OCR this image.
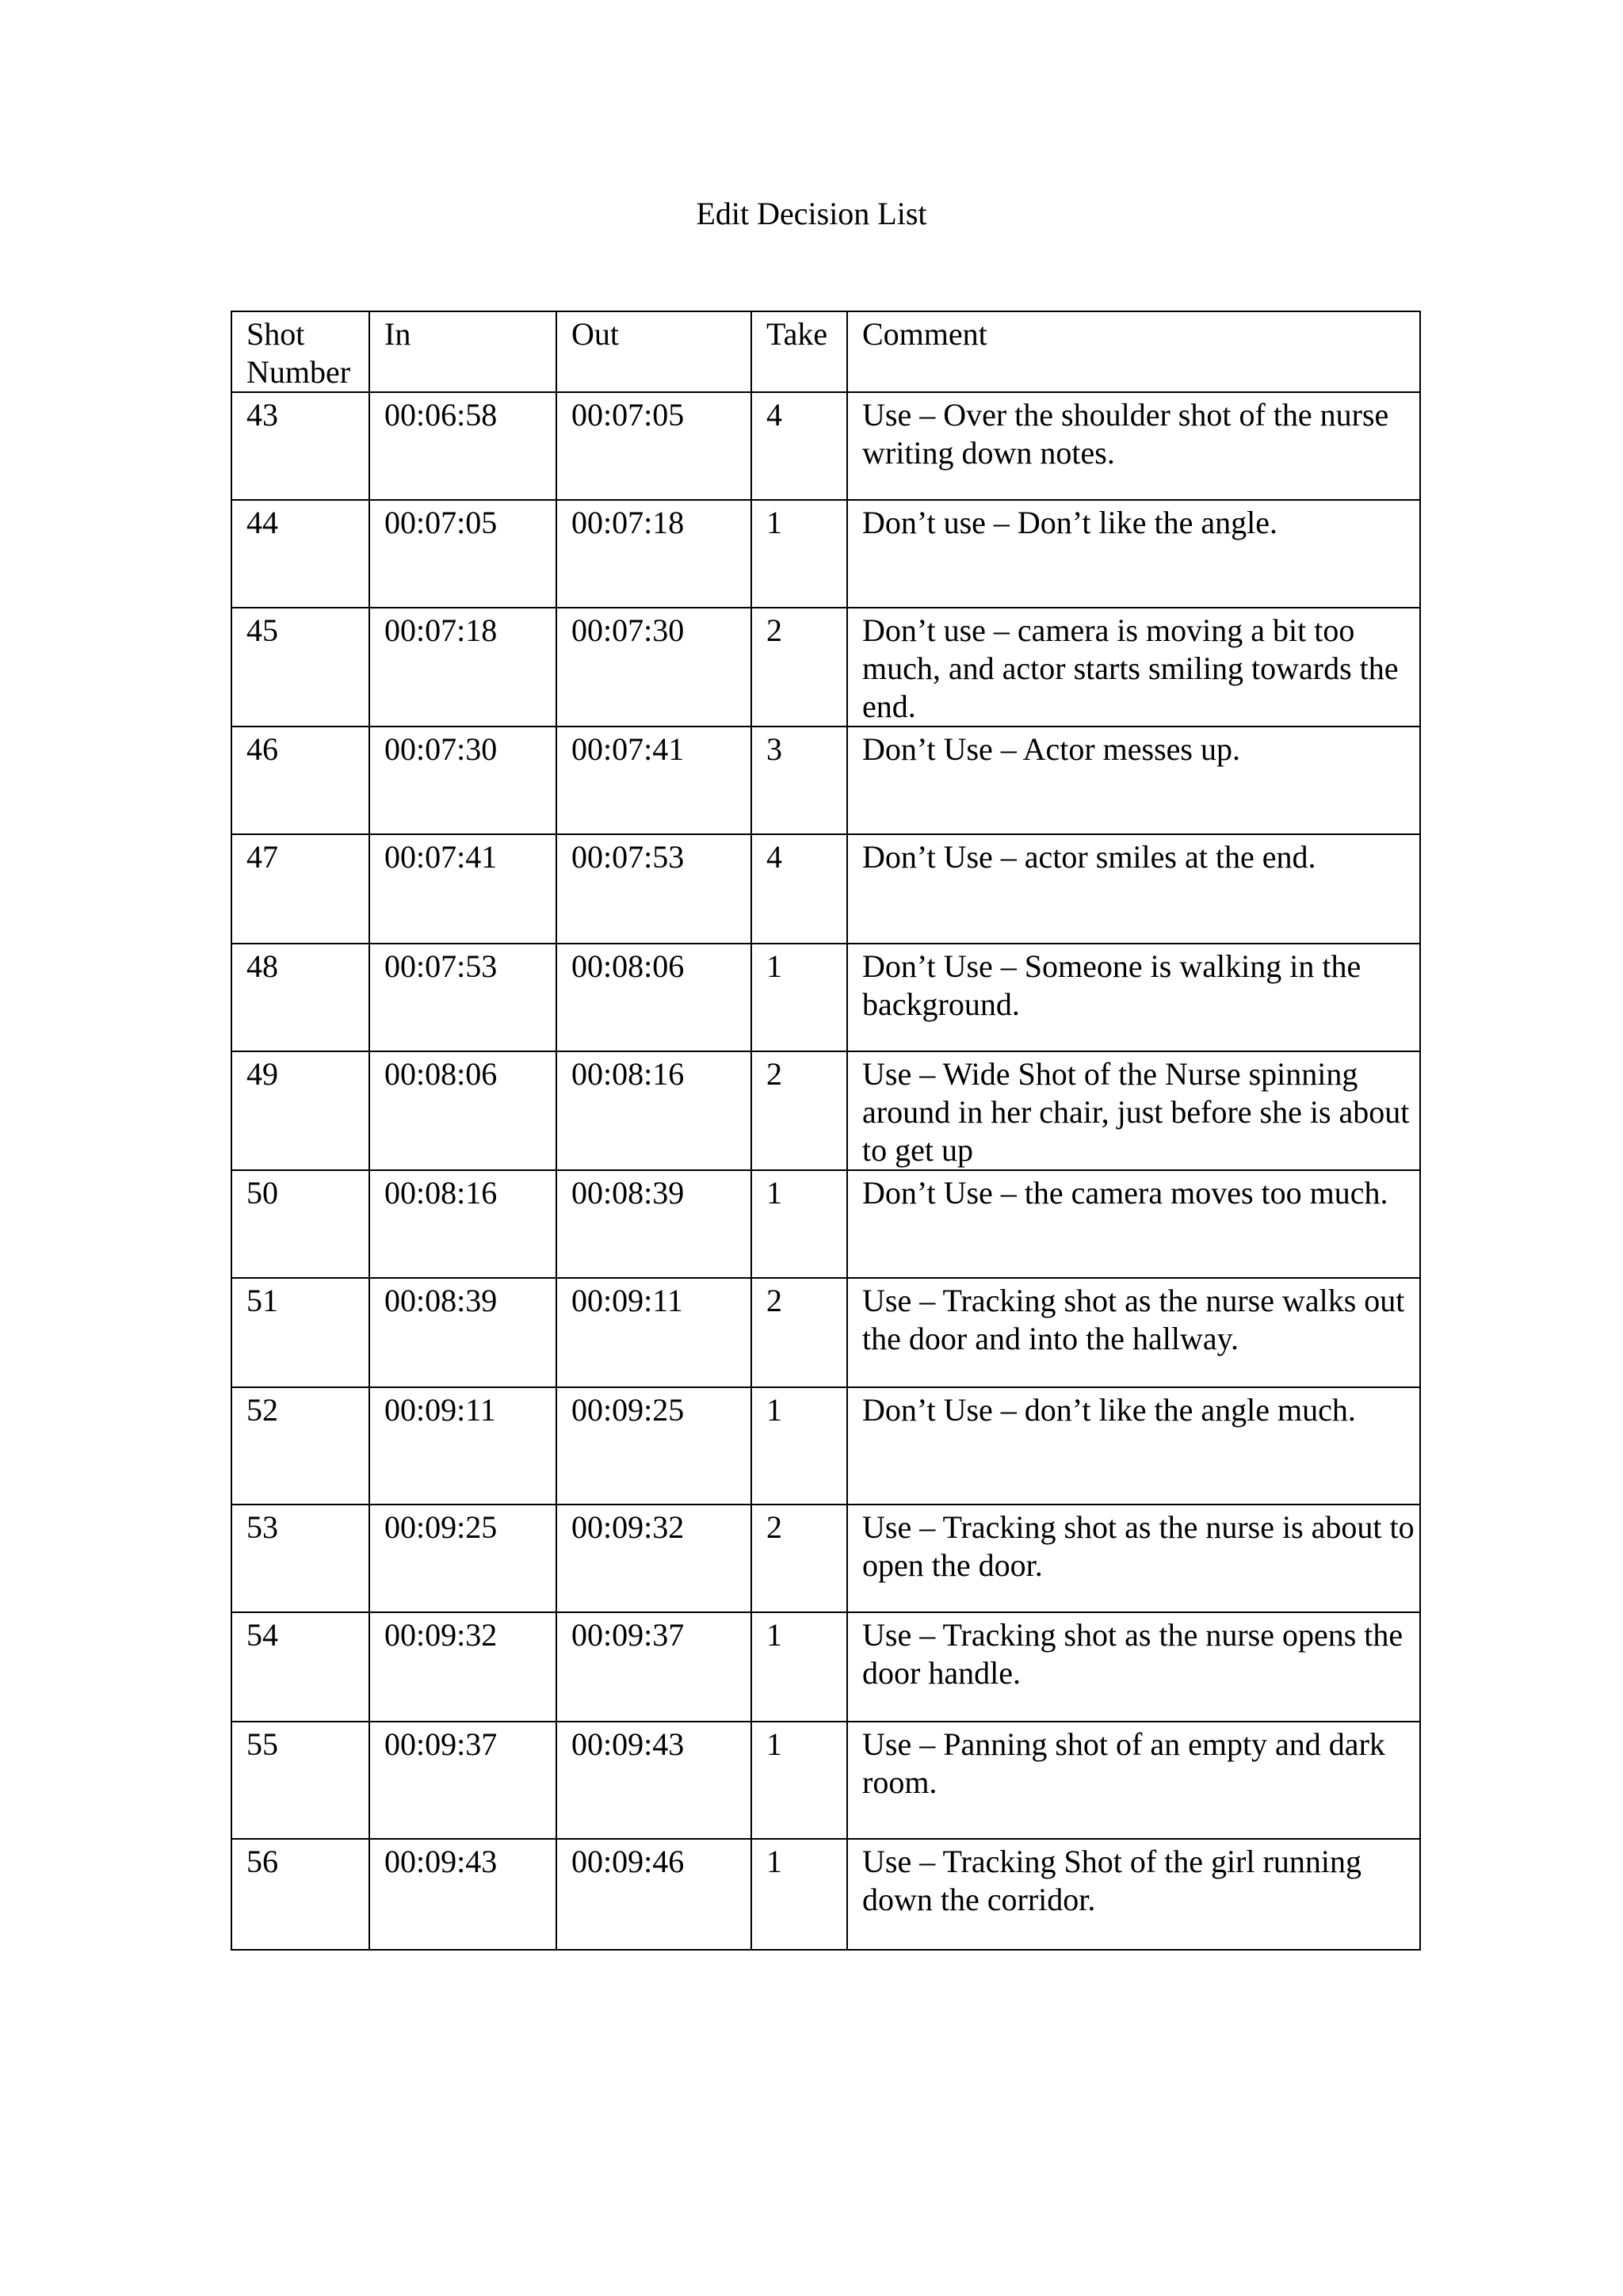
Edit Decision List
Shot Number	In	Out	Take	Comment
43	00:06:58	00:07:05	4	Use – Over the shoulder shot of the nurse writing down notes.
44	00:07:05	00:07:18	1	Don’t use – Don’t like the angle.
45	00:07:18	00:07:30	2	Don’t use – camera is moving a bit too much, and actor starts smiling towards the end.
46	00:07:30	00:07:41	3	Don’t Use – Actor messes up.
47	00:07:41	00:07:53	4	Don’t Use – actor smiles at the end.
48	00:07:53	00:08:06	1	Don’t Use – Someone is walking in the background.
49	00:08:06	00:08:16	2	Use – Wide Shot of the Nurse spinning around in her chair, just before she is about to get up
50	00:08:16	00:08:39	1	Don’t Use – the camera moves too much.
51	00:08:39	00:09:11	2	Use – Tracking shot as the nurse walks out the door and into the hallway.
52	00:09:11	00:09:25	1	Don’t Use – don’t like the angle much.
53	00:09:25	00:09:32	2	Use – Tracking shot as the nurse is about to open the door.
54	00:09:32	00:09:37	1	Use – Tracking shot as the nurse opens the door handle.
55	00:09:37	00:09:43	1	Use – Panning shot of an empty and dark room.
56	00:09:43	00:09:46	1	Use – Tracking Shot of the girl running down the corridor.
